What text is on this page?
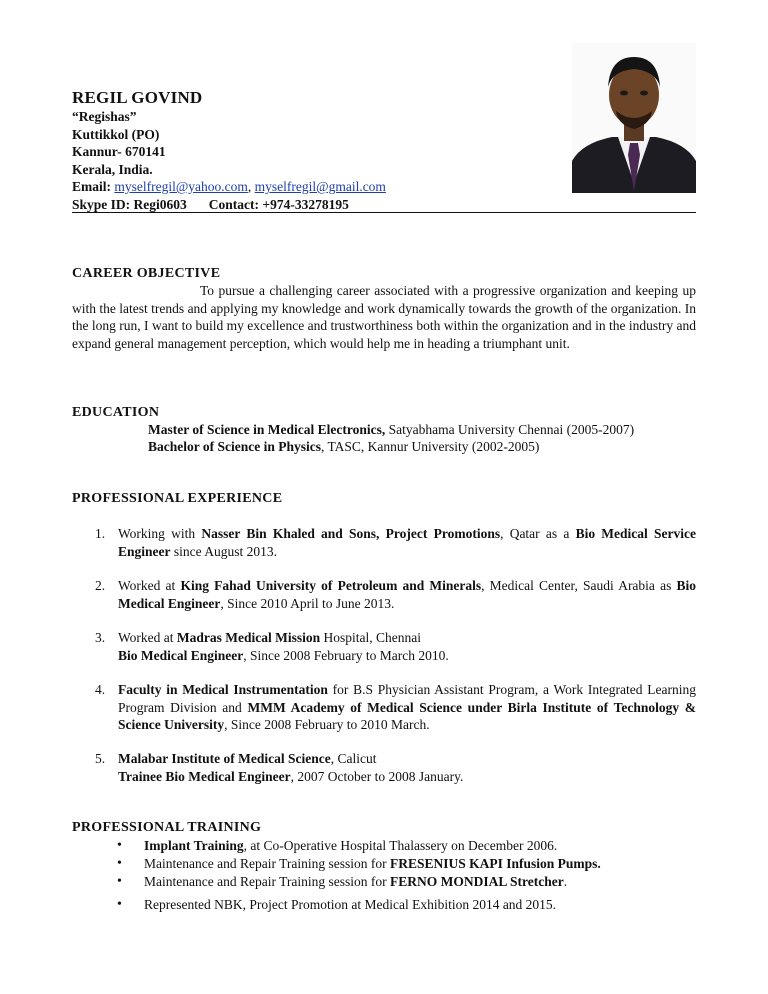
REGIL GOVIND
“Regishas”
Kuttikkol (PO)
Kannur- 670141
Kerala, India.
Email: myselfregil@yahoo.com, myselfregil@gmail.com
Skype ID: Regi0603 Contact: +974-33278195
CAREER OBJECTIVE
To pursue a challenging career associated with a progressive organization and keeping up with the latest trends and applying my knowledge and work dynamically towards the growth of the organization. In the long run, I want to build my excellence and trustworthiness both within the organization and in the industry and expand general management perception, which would help me in heading a triumphant unit.
EDUCATION
Master of Science in Medical Electronics, Satyabhama University Chennai (2005-2007)
Bachelor of Science in Physics, TASC, Kannur University (2002-2005)
PROFESSIONAL EXPERIENCE
1. Working with Nasser Bin Khaled and Sons, Project Promotions, Qatar as a Bio Medical Service Engineer since August 2013.
2. Worked at King Fahad University of Petroleum and Minerals, Medical Center, Saudi Arabia as Bio Medical Engineer, Since 2010 April to June 2013.
3. Worked at Madras Medical Mission Hospital, Chennai
Bio Medical Engineer, Since 2008 February to March 2010.
4. Faculty in Medical Instrumentation for B.S Physician Assistant Program, a Work Integrated Learning Program Division and MMM Academy of Medical Science under Birla Institute of Technology & Science University, Since 2008 February to 2010 March.
5. Malabar Institute of Medical Science, Calicut
Trainee Bio Medical Engineer, 2007 October to 2008 January.
PROFESSIONAL TRAINING
• Implant Training, at Co-Operative Hospital Thalassery on December 2006.
• Maintenance and Repair Training session for FRESENIUS KAPI Infusion Pumps.
• Maintenance and Repair Training session for FERNO MONDIAL Stretcher.
• Represented NBK, Project Promotion at Medical Exhibition 2014 and 2015.
